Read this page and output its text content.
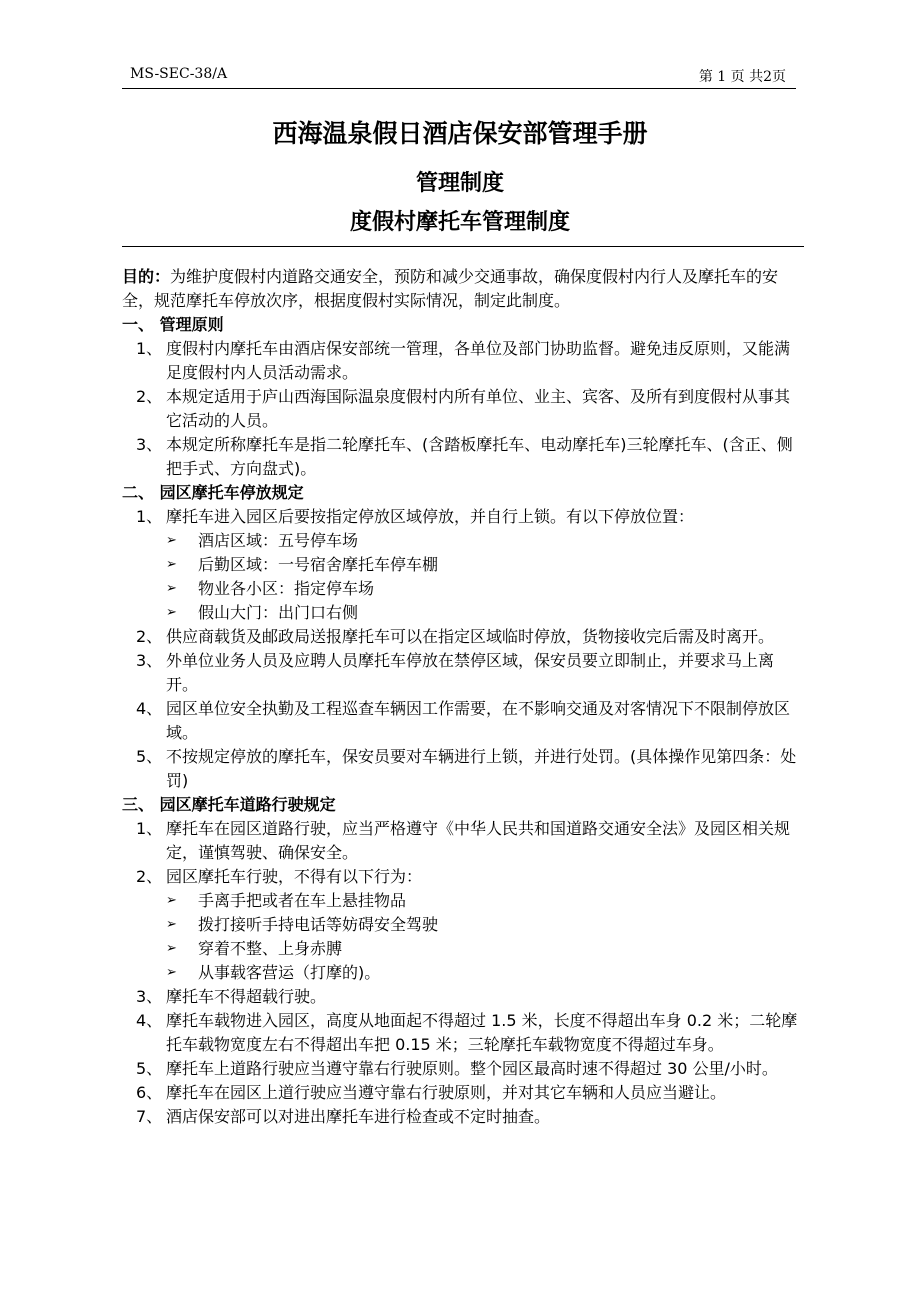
MS-SEC-38/A	第 1 页 共2页
西海温泉假日酒店保安部管理手册
管理制度
度假村摩托车管理制度

目的：为维护度假村内道路交通安全，预防和减少交通事故，确保度假村内行人及摩托车的安全，规范摩托车停放次序，根据度假村实际情况，制定此制度。

一、 管理原则

1、 度假村内摩托车由酒店保安部统一管理，各单位及部门协助监督。避免违反原则，又能满足度假村内人员活动需求。

2、 本规定适用于庐山西海国际温泉度假村内所有单位、业主、宾客、及所有到度假村从事其它活动的人员。

3、 本规定所称摩托车是指二轮摩托车、(含踏板摩托车、电动摩托车)三轮摩托车、(含正、侧把手式、方向盘式)。

二、 园区摩托车停放规定

1、 摩托车进入园区后要按指定停放区域停放，并自行上锁。有以下停放位置：

➢ 酒店区域：五号停车场

➢ 后勤区域：一号宿舍摩托车停车棚

➢ 物业各小区：指定停车场

➢ 假山大门：出门口右侧

2、 供应商载货及邮政局送报摩托车可以在指定区域临时停放，货物接收完后需及时离开。

3、 外单位业务人员及应聘人员摩托车停放在禁停区域，保安员要立即制止，并要求马上离开。

4、 园区单位安全执勤及工程巡查车辆因工作需要，在不影响交通及对客情况下不限制停放区域。

5、 不按规定停放的摩托车，保安员要对车辆进行上锁，并进行处罚。(具体操作见第四条：处罚)

三、 园区摩托车道路行驶规定

1、 摩托车在园区道路行驶，应当严格遵守《中华人民共和国道路交通安全法》及园区相关规定，谨慎驾驶、确保安全。

2、 园区摩托车行驶，不得有以下行为：

➢ 手离手把或者在车上悬挂物品

➢ 拨打接听手持电话等妨碍安全驾驶

➢ 穿着不整、上身赤膊

➢ 从事载客营运（打摩的)。

3、 摩托车不得超载行驶。

4、 摩托车载物进入园区，高度从地面起不得超过 1.5 米，长度不得超出车身 0.2 米；二轮摩托车载物宽度左右不得超出车把 0.15 米；三轮摩托车载物宽度不得超过车身。

5、 摩托车上道路行驶应当遵守靠右行驶原则。整个园区最高时速不得超过 30 公里/小时。

6、 摩托车在园区上道行驶应当遵守靠右行驶原则，并对其它车辆和人员应当避让。

7、 酒店保安部可以对进出摩托车进行检查或不定时抽查。
